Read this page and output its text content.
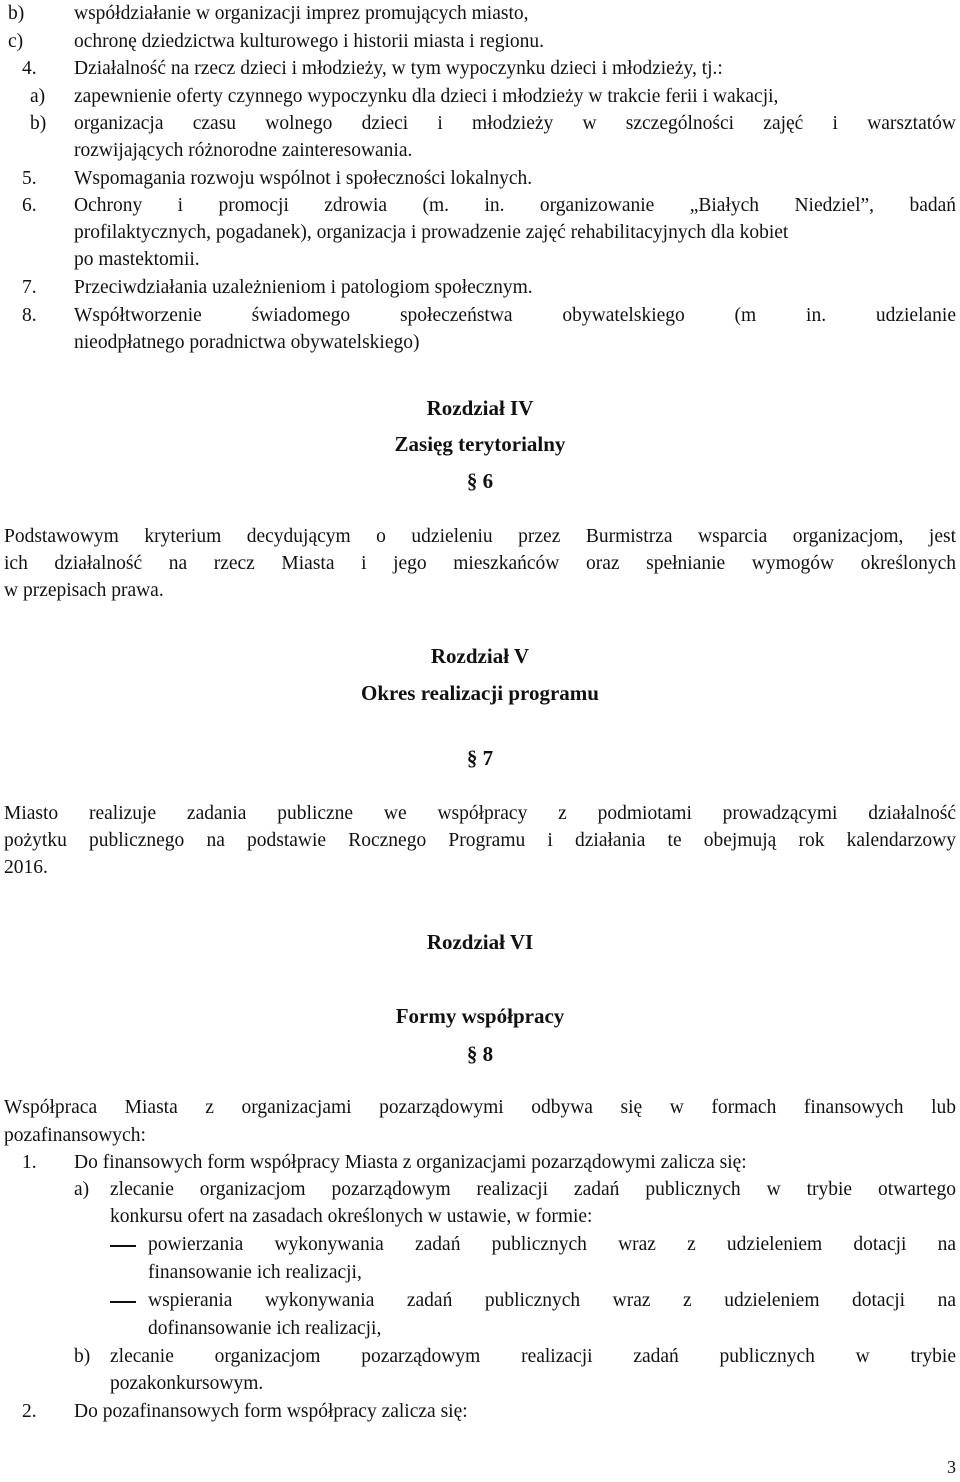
b)	współdziałanie w organizacji imprez promujących miasto,
c)	ochronę dziedzictwa kulturowego i historii miasta i regionu.
4. Działalność na rzecz dzieci i młodzieży, w tym wypoczynku dzieci i młodzieży, tj.:
a) zapewnienie oferty czynnego wypoczynku dla dzieci i młodzieży w trakcie ferii i wakacji,
b) organizacja czasu wolnego dzieci i młodzieży w szczególności zajęć i warsztatów
rozwijających różnorodne zainteresowania.
5. Wspomagania rozwoju wspólnot i społeczności lokalnych.
6. Ochrony i promocji zdrowia (m. in. organizowanie „Białych Niedziel”, badań
profilaktycznych, pogadanek), organizacja i prowadzenie zajęć rehabilitacyjnych dla kobiet
po mastektomii.
7. Przeciwdziałania uzależnieniom i patologiom społecznym.
8. Współtworzenie świadomego społeczeństwa obywatelskiego (m in. udzielanie
nieodpłatnego poradnictwa obywatelskiego)
Rozdział IV
Zasięg terytorialny
§ 6
Podstawowym kryterium decydującym o udzieleniu przez Burmistrza wsparcia organizacjom, jest
ich działalność na rzecz Miasta i jego mieszkańców oraz spełnianie wymogów określonych
w przepisach prawa.
Rozdział V
Okres realizacji programu
§ 7
Miasto realizuje zadania publiczne we współpracy z podmiotami prowadzącymi działalność
pożytku publicznego na podstawie Rocznego Programu i działania te obejmują rok kalendarzowy
2016.
Rozdział VI
Formy współpracy
§ 8
Współpraca Miasta z organizacjami pozarządowymi odbywa się w formach finansowych lub
pozafinansowych:
1. Do finansowych form współpracy Miasta z organizacjami pozarządowymi zalicza się:
a) zlecanie organizacjom pozarządowym realizacji zadań publicznych w trybie otwartego
konkursu ofert na zasadach określonych w ustawie, w formie:
powierzania wykonywania zadań publicznych wraz z udzieleniem dotacji na
finansowanie ich realizacji,
wspierania wykonywania zadań publicznych wraz z udzieleniem dotacji na
dofinansowanie ich realizacji,
b) zlecanie organizacjom pozarządowym realizacji zadań publicznych w trybie
pozakonkursowym.
2. Do pozafinansowych form współpracy zalicza się:
3
